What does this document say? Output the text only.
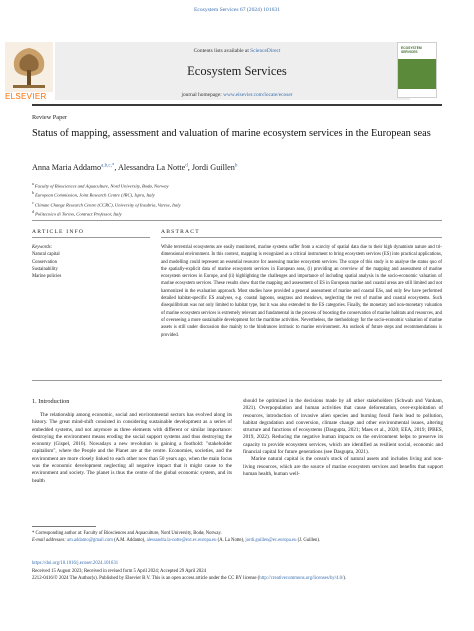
Ecosystem Services 67 (2024) 101631
Contents lists available at ScienceDirect
Ecosystem Services
journal homepage: www.elsevier.com/locate/ecoser
ELSEVIER
ECOSYSTEM SERVICES
Review Paper
Status of mapping, assessment and valuation of marine ecosystem services in the European seas
Anna Maria Addamo$^{a,b,c,*}$, Alessandra La Notte$^d$, Jordi Guillen$^b$
$^a$ Faculty of Biosciences and Aquaculture, Nord University, Bodø, Norway
$^b$ European Commission, Joint Research Centre (JRC), Ispra, Italy
$^c$ Climate Change Research Centre (CCRC), University of Insubria, Varese, Italy
$^d$ Politecnico di Torino, Contract Professor, Italy
ARTICLE INFO	ABSTRACT
Keywords:
Natural capital
Conservation
Sustainability
Marine policies
While terrestrial ecosystems are easily monitored, marine systems suffer from a scarcity of spatial data due to their high dynamism nature and tri-dimensional environment. In this context, mapping is recognized as a critical instrument to bring ecosystem services (ES) into practical applications, and modelling could represent an essential resource for assessing marine ecosystem services. The scope of this study is to analyse the status quo of the spatially-explicit data of marine ecosystem services in European seas, (i) providing an overview of the mapping and assessment of marine ecosystem services in Europe, and (ii) highlighting the challenges and importance of including spatial analysis in the socio-economic valuation of marine ecosystem services. These results show that the mapping and assessment of ES in European marine and coastal areas are still limited and not harmonized in the evaluation approach. Most studies have provided a general assessment of marine and coastal ESs, and only few have performed detailed habitat-specific ES analyses, e.g. coastal lagoons, seagrass and meadows, neglecting the rest of marine and coastal ecosystems. Such disequilibrium was not only limited to habitat type, but it was also extended to the ES categories. Finally, the monetary and non-monetary valuation of marine ecosystem services is extremely relevant and fundamental in the process of boosting the conservation of marine habitats and resources, and of overseeing a more sustainable development for the maritime activities. Nevertheless, the methodology for the socio-economic valuation of marine assets is still under discussion due mainly to the hindrances intrinsic to marine environment. An outlook of future steps and recommendations is provided.
1. Introduction

The relationship among economic, social and environmental sectors has evolved along its history. The great mind-shift consisted in considering sustainable development as a series of embedded systems, and not anymore as three elements with different or similar importance: destroying the environment means eroding the social support systems and thus destroying the economy (Gispel, 2016). Nowadays a new revolution is gaining a foothold: "stakeholder capitalism", where the People and the Planet are at the centre. Economies, societies, and the environment are more closely linked to each other now than 50 years ago, when the main focus was the economic development neglecting all negative impact that it might cause to the environment and society. The planet is thus the centre of the global economic system, and its health

should be optimized in the decisions made by all other stakeholders (Schwab and Vanham, 2021). Overpopulation and human activities that cause deforestation, over-exploitation of resources, introduction of invasive alien species and burning fossil fuels lead to pollution, habitat degradation and conversion, climate change and other environmental issues, altering structure and functions of ecosystems (Dasgupta, 2021; Maes et al., 2020; EEA, 2019; IPBES, 2019, 2022). Reducing the negative human impacts on the environment helps to preserve its capacity to provide ecosystem services, which are identified as resilient social, economic and financial capital for future generations (see Dasgupta, 2021).

Marine natural capital is the ocean's stock of natural assets and includes living and non-living resources, which are the source of marine ecosystem services and benefits that support human health, human well-

* Corresponding author at: Faculty of Biosciences and Aquaculture, Nord University, Bodø, Norway.
E-mail addresses: am.addamo@gmail.com (A.M. Addamo), alessandra.la-notte@ext.ec.europa.eu (A. La Notte), jordi.guillen@ec.europa.eu (J. Guillen).
https://doi.org/10.1016/j.ecoser.2024.101631
Received 15 August 2023; Received in revised form 5 April 2024; Accepted 29 April 2024
2212-0416/© 2024 The Author(s). Published by Elsevier B.V. This is an open access article under the CC BY license (http://creativecommons.org/licenses/by/4.0/).
